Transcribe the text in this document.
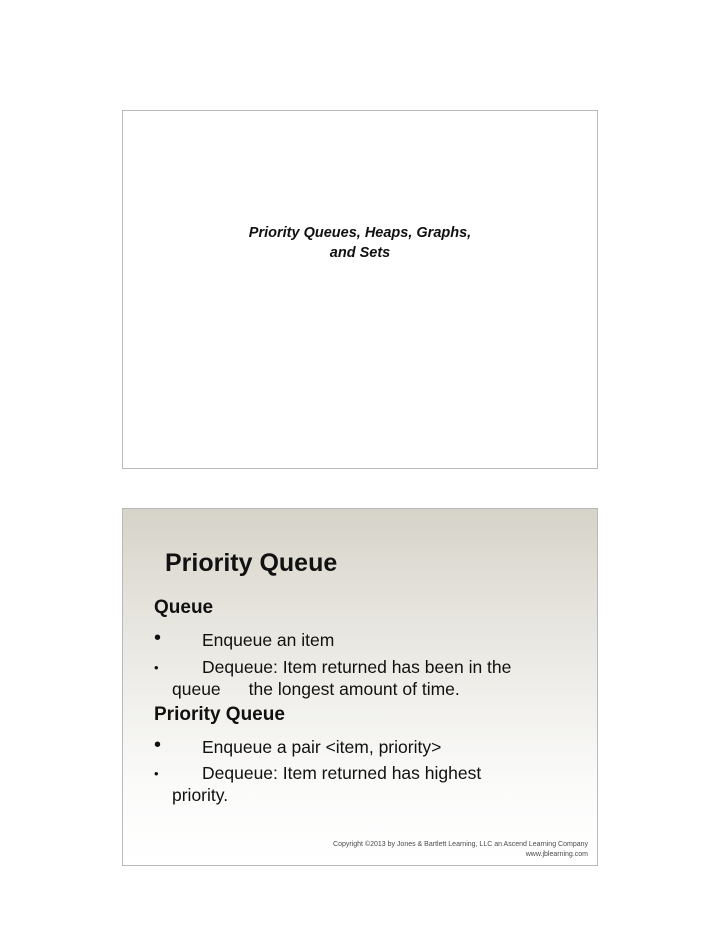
Priority Queues, Heaps, Graphs,
and Sets
Priority Queue
Queue
•	Enqueue an item
•	Dequeue: Item returned has been in the
queue the longest amount of time.
Priority Queue
•	Enqueue a pair <item, priority>
•	Dequeue: Item returned has highest
priority.
Copyright ©2013 by Jones & Bartlett Learning, LLC an Ascend Learning Company
www.jblearning.com
